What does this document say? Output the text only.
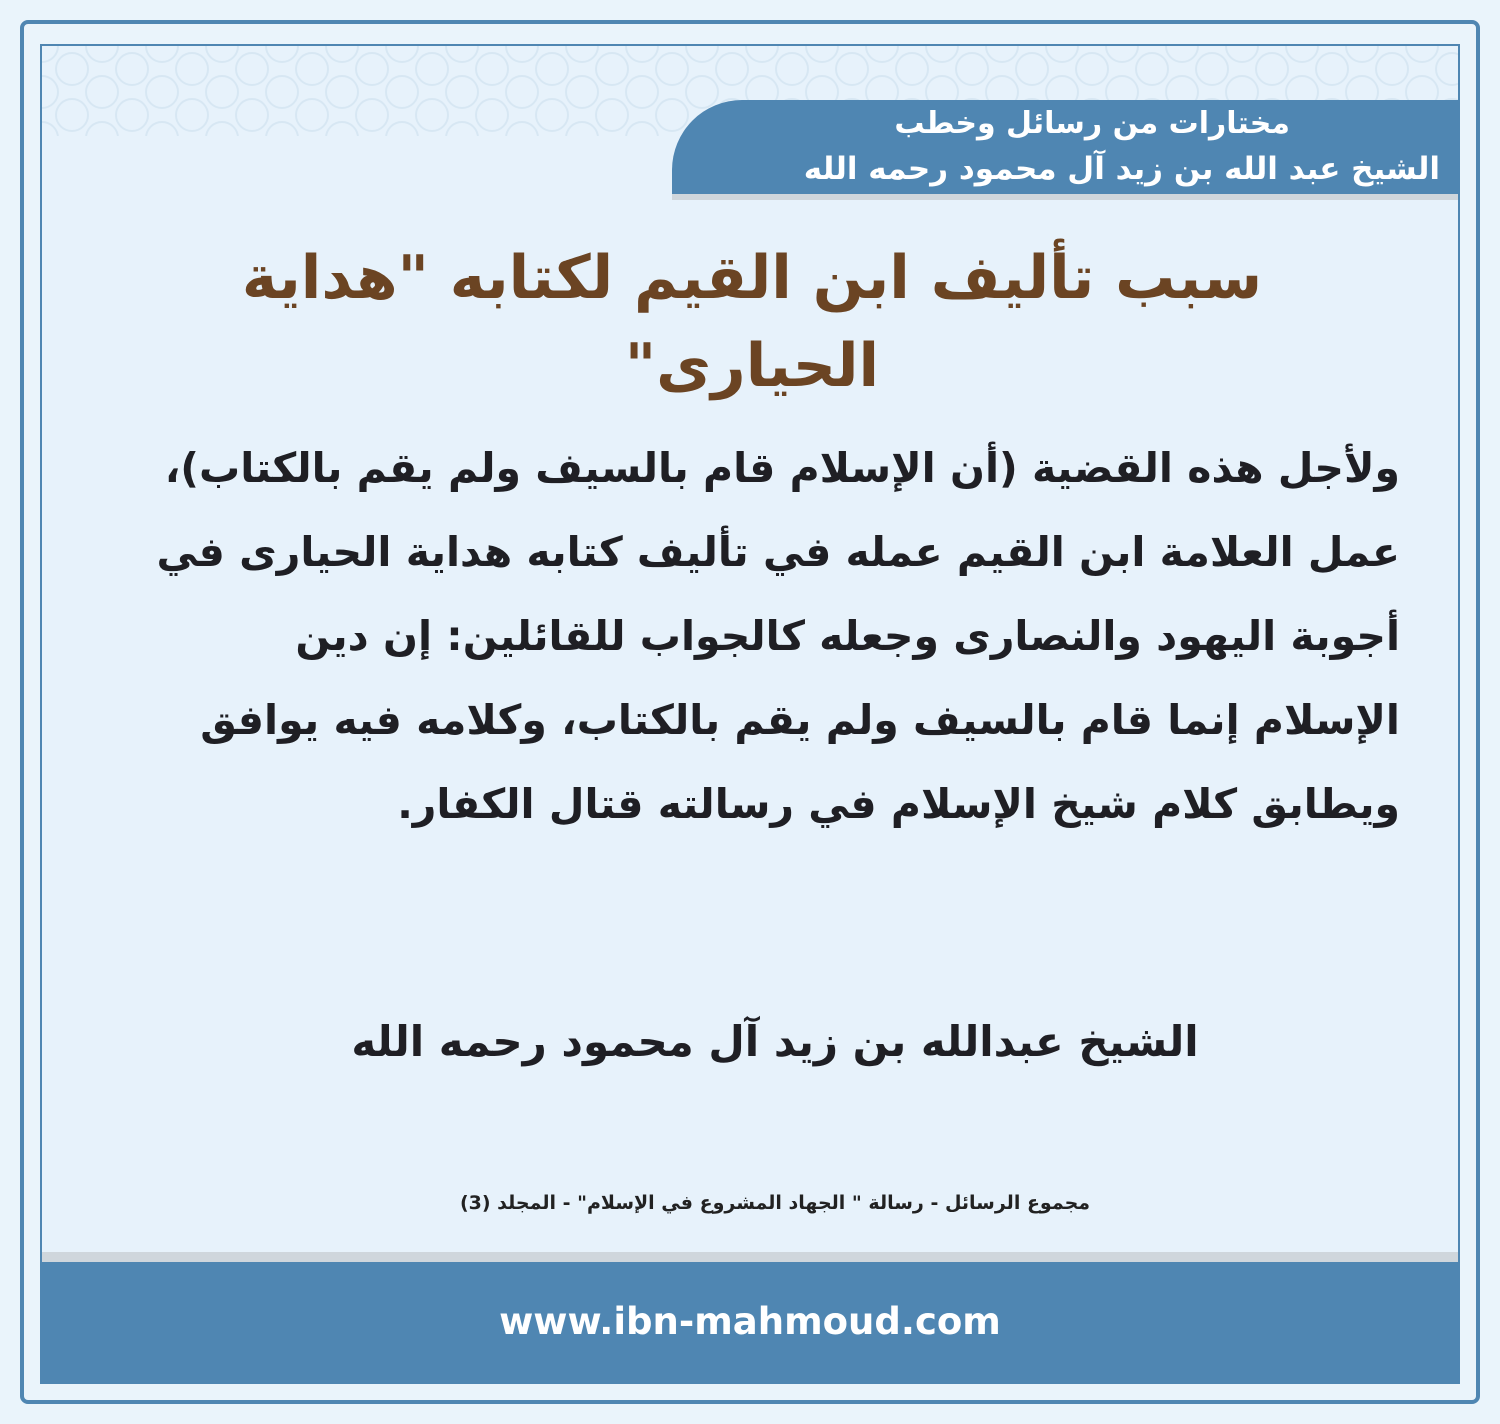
مختارات من رسائل وخطب
الشيخ عبد الله بن زيد آل محمود رحمه الله
سبب تأليف ابن القيم لكتابه "هداية الحيارى"
ولأجل هذه القضية (أن الإسلام قام بالسيف ولم يقم بالكتاب)، عمل العلامة ابن القيم عمله في تأليف كتابه هداية الحيارى في أجوبة اليهود والنصارى وجعله كالجواب للقائلين: إن دين الإسلام إنما قام بالسيف ولم يقم بالكتاب، وكلامه فيه يوافق ويطابق كلام شيخ الإسلام في رسالته قتال الكفار.
الشيخ عبدالله بن زيد آل محمود رحمه الله
مجموع الرسائل - رسالة " الجهاد المشروع في الإسلام" - المجلد (3)
www.ibn-mahmoud.com
